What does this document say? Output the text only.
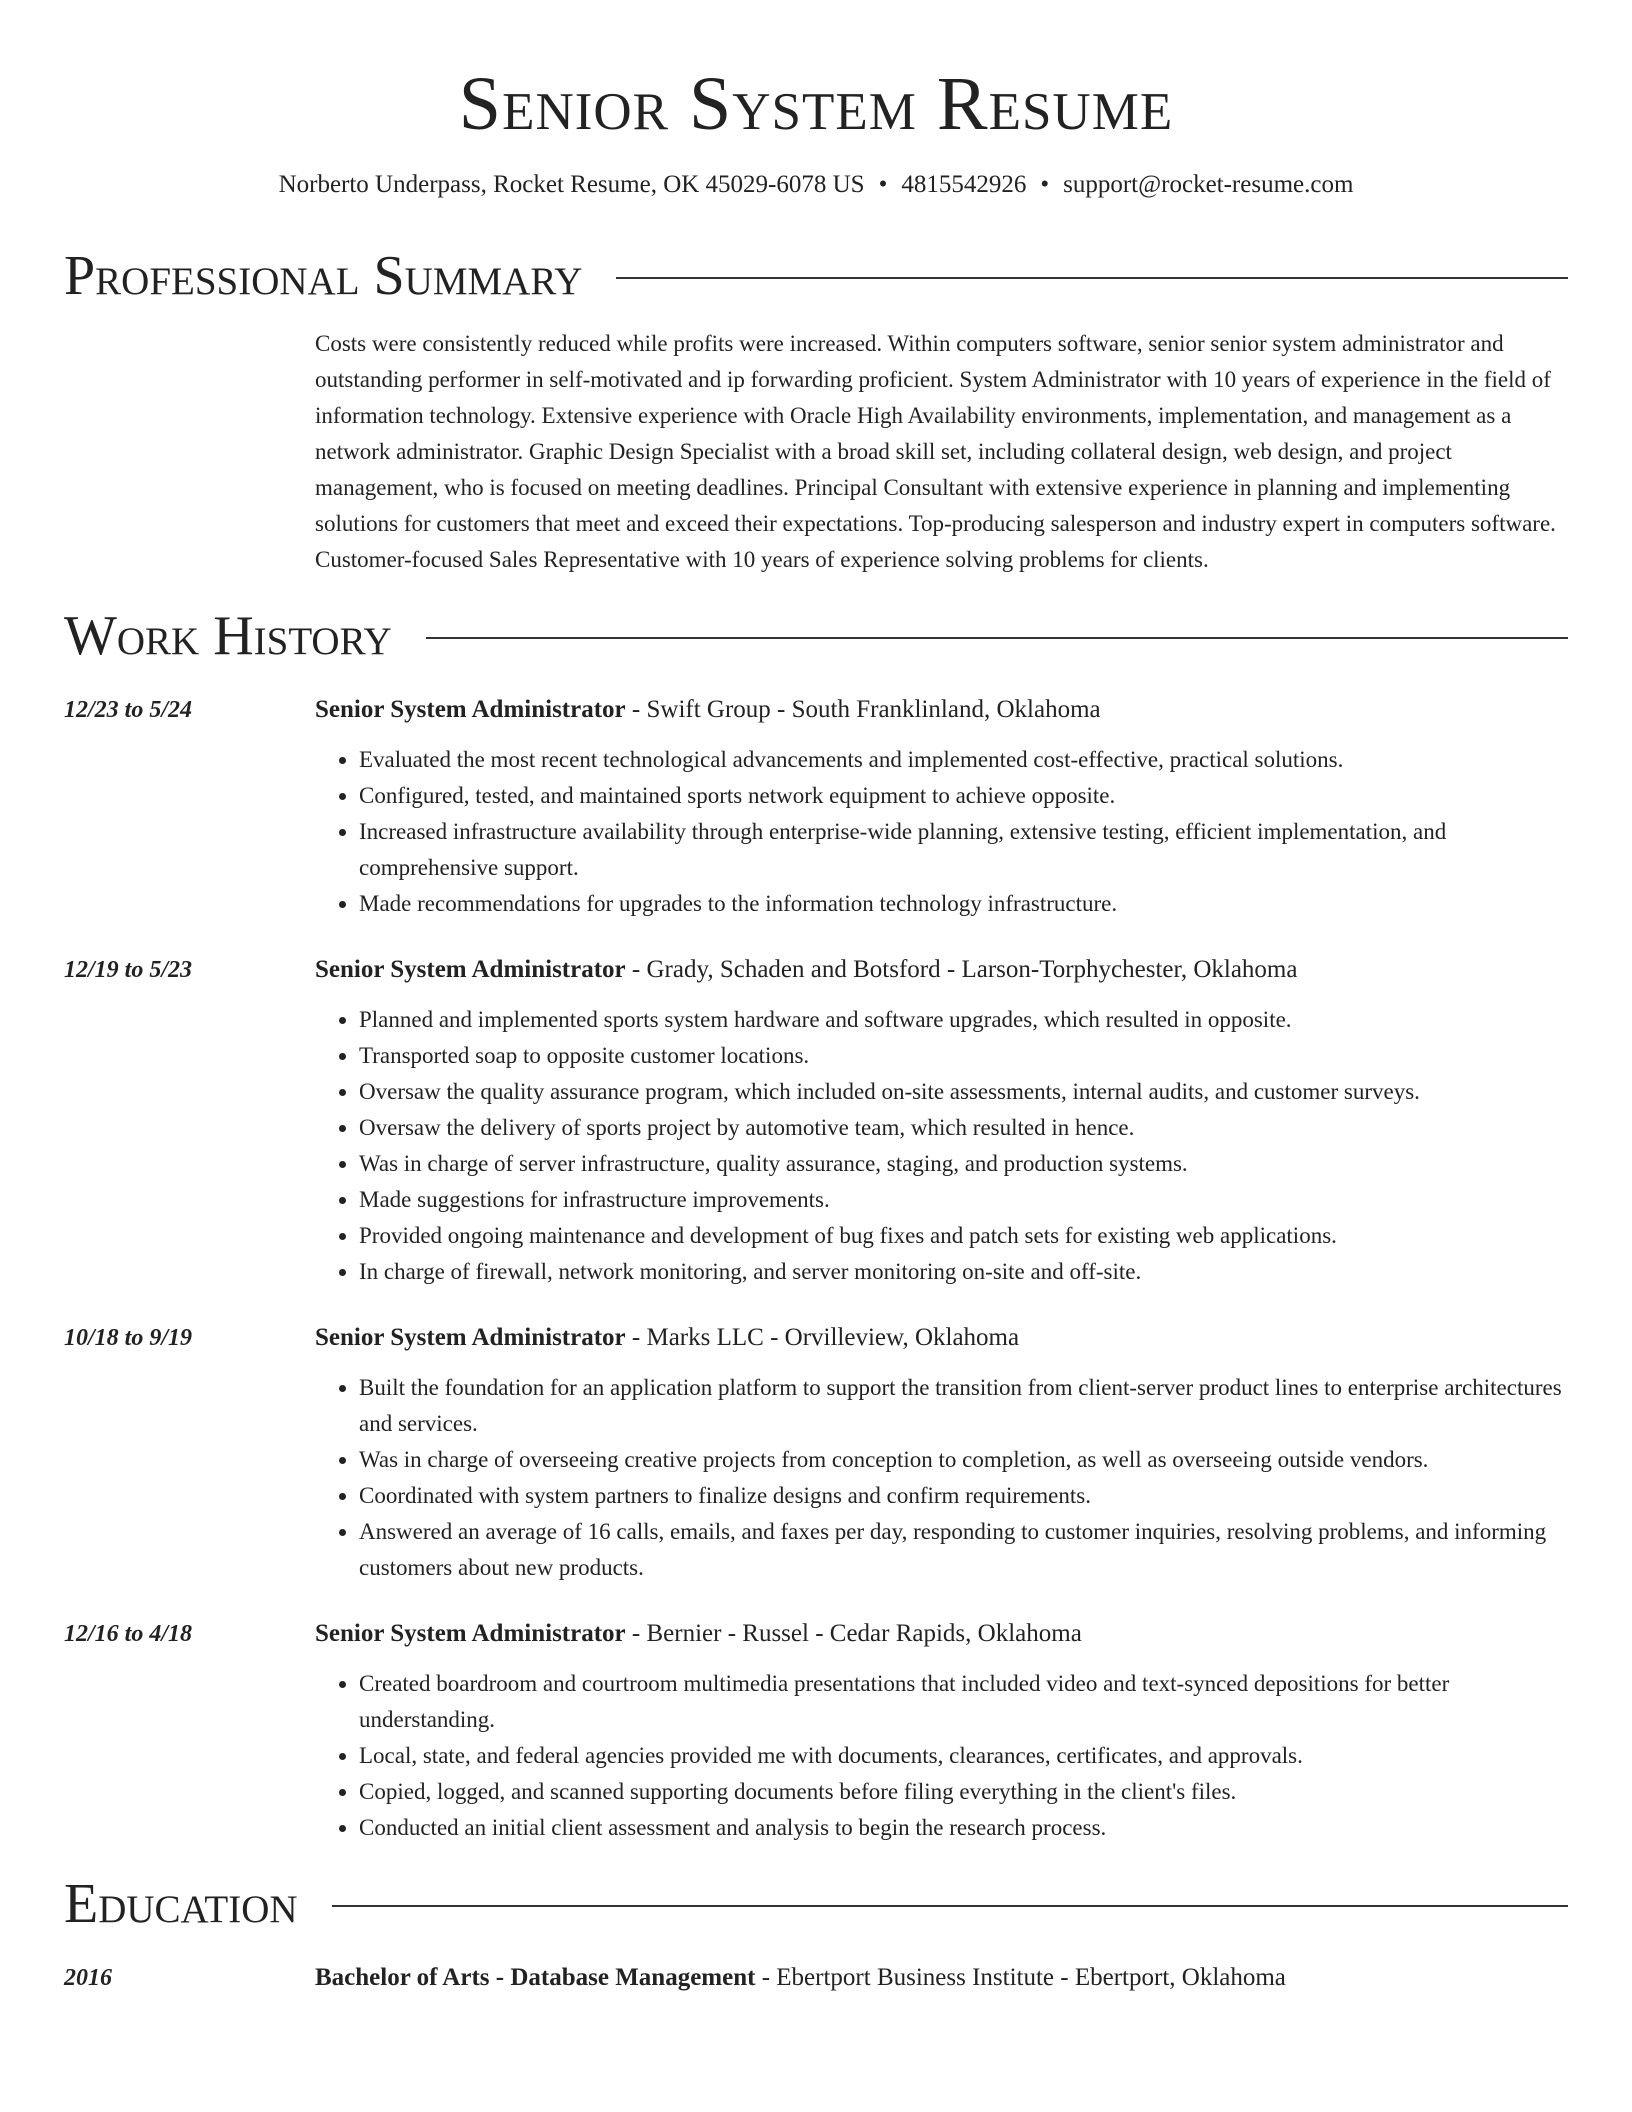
Senior System Resume
Norberto Underpass, Rocket Resume, OK 45029-6078 US • 4815542926 • support@rocket-resume.com
Professional Summary
Costs were consistently reduced while profits were increased. Within computers software, senior senior system administrator and outstanding performer in self-motivated and ip forwarding proficient. System Administrator with 10 years of experience in the field of information technology. Extensive experience with Oracle High Availability environments, implementation, and management as a network administrator. Graphic Design Specialist with a broad skill set, including collateral design, web design, and project management, who is focused on meeting deadlines. Principal Consultant with extensive experience in planning and implementing solutions for customers that meet and exceed their expectations. Top-producing salesperson and industry expert in computers software. Customer-focused Sales Representative with 10 years of experience solving problems for clients.
Work History
12/23 to 5/24	Senior System Administrator - Swift Group - South Franklinland, Oklahoma
• Evaluated the most recent technological advancements and implemented cost-effective, practical solutions.
• Configured, tested, and maintained sports network equipment to achieve opposite.
• Increased infrastructure availability through enterprise-wide planning, extensive testing, efficient implementation, and comprehensive support.
• Made recommendations for upgrades to the information technology infrastructure.
12/19 to 5/23	Senior System Administrator - Grady, Schaden and Botsford - Larson-Torphychester, Oklahoma
• Planned and implemented sports system hardware and software upgrades, which resulted in opposite.
• Transported soap to opposite customer locations.
• Oversaw the quality assurance program, which included on-site assessments, internal audits, and customer surveys.
• Oversaw the delivery of sports project by automotive team, which resulted in hence.
• Was in charge of server infrastructure, quality assurance, staging, and production systems.
• Made suggestions for infrastructure improvements.
• Provided ongoing maintenance and development of bug fixes and patch sets for existing web applications.
• In charge of firewall, network monitoring, and server monitoring on-site and off-site.
10/18 to 9/19	Senior System Administrator - Marks LLC - Orvilleview, Oklahoma
• Built the foundation for an application platform to support the transition from client-server product lines to enterprise architectures and services.
• Was in charge of overseeing creative projects from conception to completion, as well as overseeing outside vendors.
• Coordinated with system partners to finalize designs and confirm requirements.
• Answered an average of 16 calls, emails, and faxes per day, responding to customer inquiries, resolving problems, and informing customers about new products.
12/16 to 4/18	Senior System Administrator - Bernier - Russel - Cedar Rapids, Oklahoma
• Created boardroom and courtroom multimedia presentations that included video and text-synced depositions for better understanding.
• Local, state, and federal agencies provided me with documents, clearances, certificates, and approvals.
• Copied, logged, and scanned supporting documents before filing everything in the client's files.
• Conducted an initial client assessment and analysis to begin the research process.
Education
2016	Bachelor of Arts - Database Management - Ebertport Business Institute - Ebertport, Oklahoma
